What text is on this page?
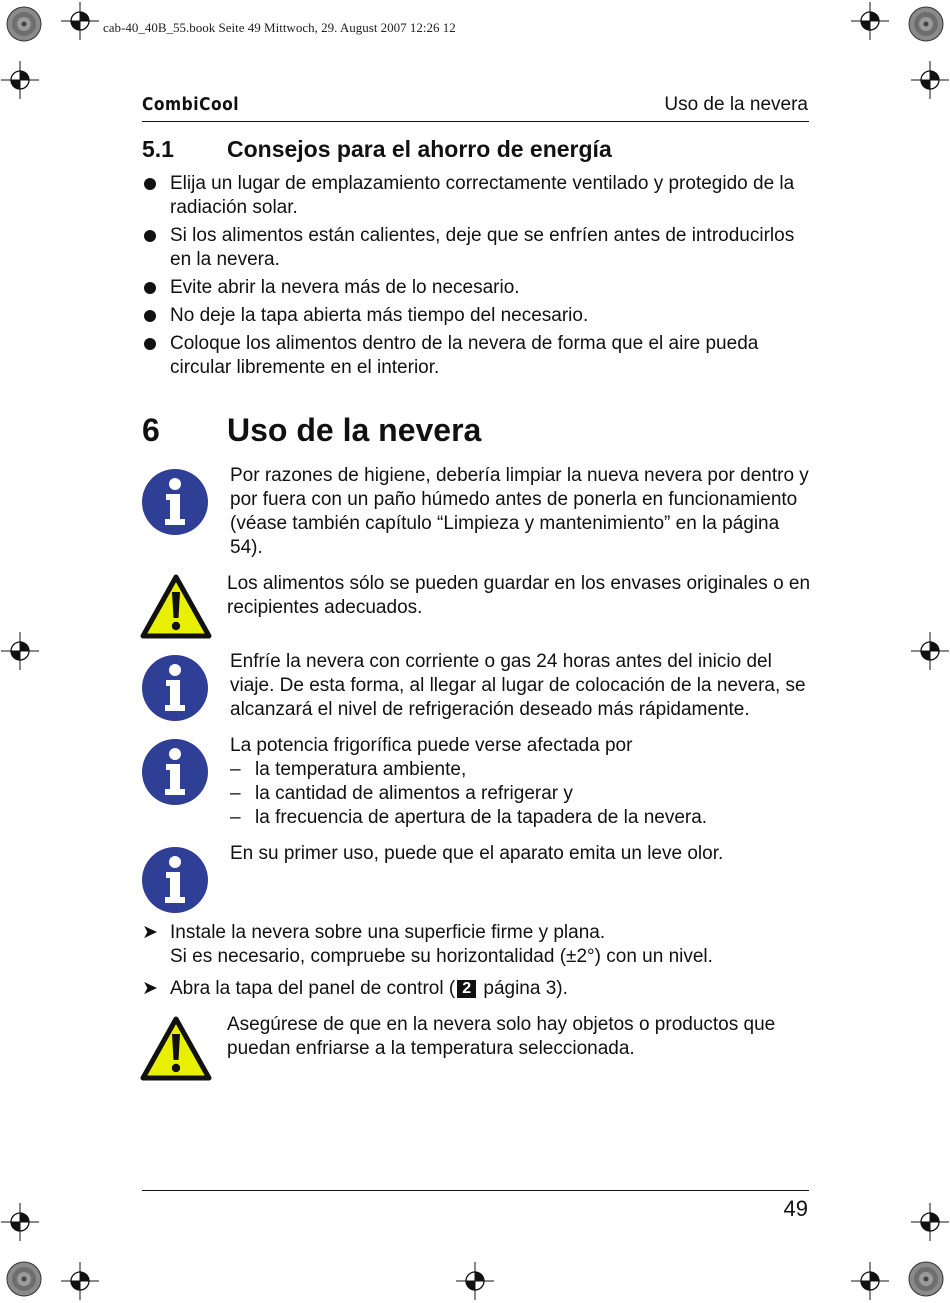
cab-40_40B_55.book Seite 49 Mittwoch, 29. August 2007 12:26 12
CombiCool	Uso de la nevera
5.1 Consejos para el ahorro de energía
Elija un lugar de emplazamiento correctamente ventilado y protegido de la radiación solar.
Si los alimentos están calientes, deje que se enfríen antes de introducirlos en la nevera.
Evite abrir la nevera más de lo necesario.
No deje la tapa abierta más tiempo del necesario.
Coloque los alimentos dentro de la nevera de forma que el aire pueda circular libremente en el interior.
6 Uso de la nevera
Por razones de higiene, debería limpiar la nueva nevera por dentro y por fuera con un paño húmedo antes de ponerla en funcionamiento (véase también capítulo “Limpieza y mantenimiento” en la página 54).
Los alimentos sólo se pueden guardar en los envases originales o en recipientes adecuados.
Enfríe la nevera con corriente o gas 24 horas antes del inicio del viaje. De esta forma, al llegar al lugar de colocación de la nevera, se alcanzará el nivel de refrigeración deseado más rápidamente.
La potencia frigorífica puede verse afectada por
– la temperatura ambiente,
– la cantidad de alimentos a refrigerar y
– la frecuencia de apertura de la tapadera de la nevera.
En su primer uso, puede que el aparato emita un leve olor.
➤ Instale la nevera sobre una superficie firme y plana.
Si es necesario, compruebe su horizontalidad (±2°) con un nivel.
➤ Abra la tapa del panel de control ( 2 página 3).
Asegúrese de que en la nevera solo hay objetos o productos que puedan enfriarse a la temperatura seleccionada.
49
